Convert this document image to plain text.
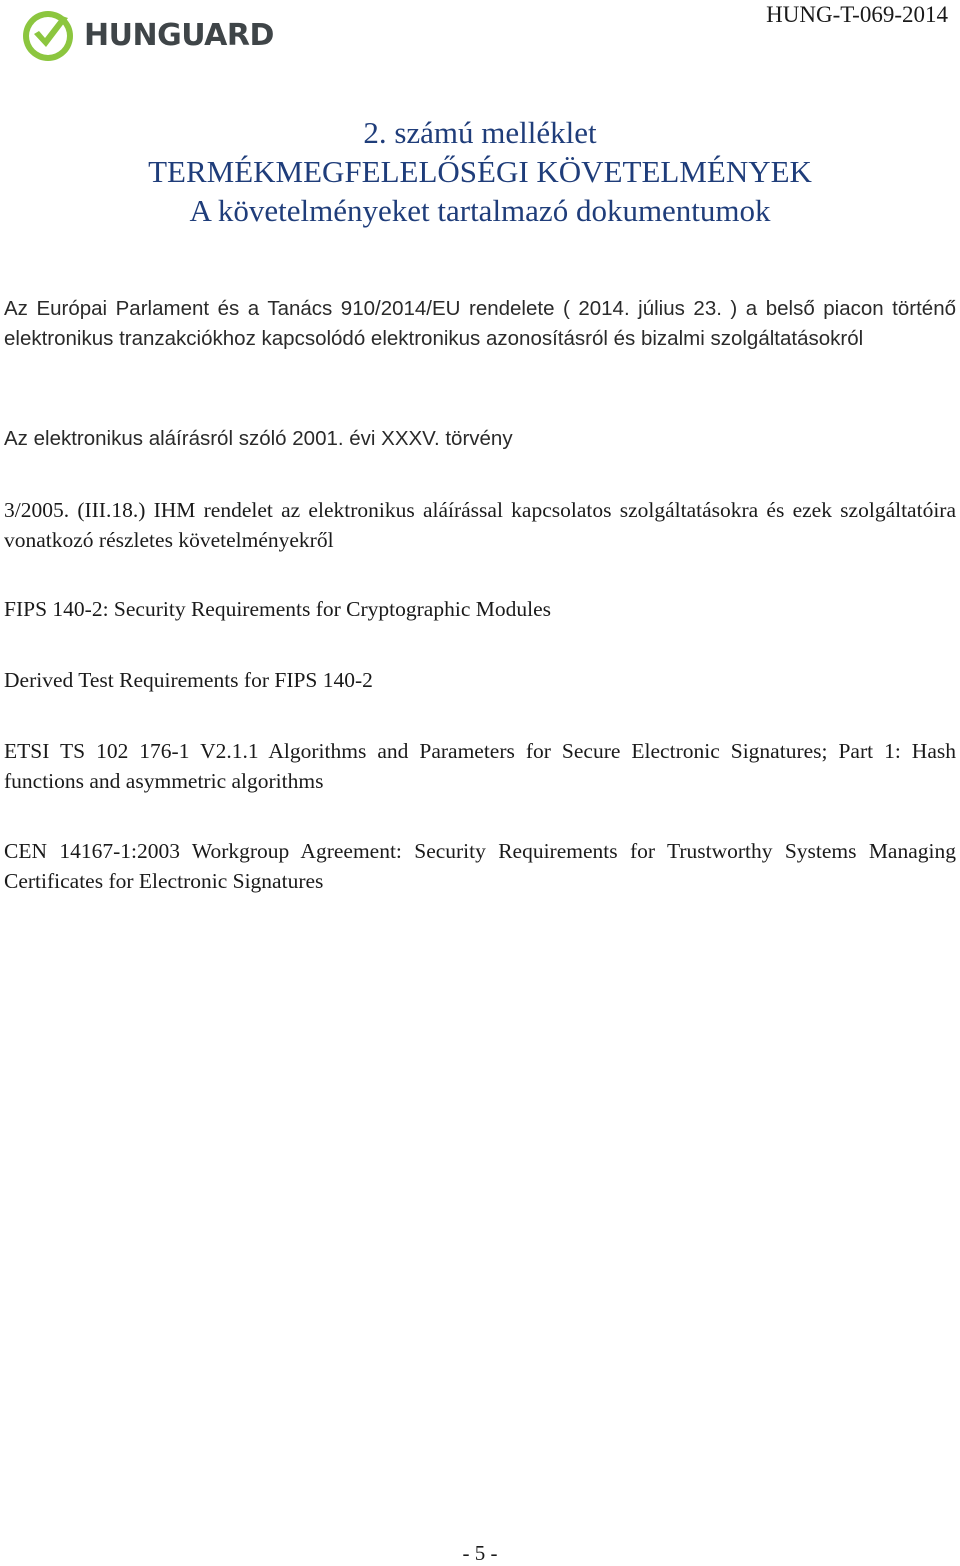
HUNGUARD
HUNG-T-069-2014
2. számú melléklet
TERMÉKMEGFELELŐSÉGI KÖVETELMÉNYEK
A követelményeket tartalmazó dokumentumok
Az Európai Parlament és a Tanács 910/2014/EU rendelete ( 2014. július 23. ) a belső piacon történő elektronikus tranzakciókhoz kapcsolódó elektronikus azonosításról és bizalmi szolgáltatásokról
Az elektronikus aláírásról szóló 2001. évi XXXV. törvény
3/2005. (III.18.) IHM rendelet az elektronikus aláírással kapcsolatos szolgáltatásokra és ezek szolgáltatóira vonatkozó részletes követelményekről
FIPS 140-2: Security Requirements for Cryptographic Modules
Derived Test Requirements for FIPS 140-2
ETSI TS 102 176-1 V2.1.1 Algorithms and Parameters for Secure Electronic Signatures; Part 1: Hash functions and asymmetric algorithms
CEN 14167-1:2003 Workgroup Agreement: Security Requirements for Trustworthy Systems Managing Certificates for Electronic Signatures
- 5 -
